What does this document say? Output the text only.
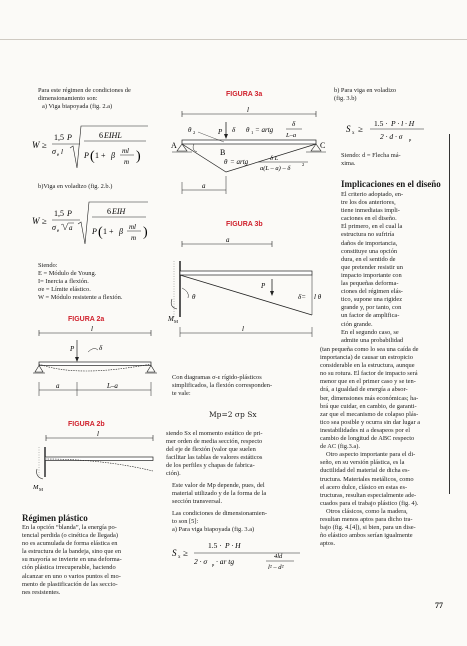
Para este régimen de condiciones de
dimensionamiento son:
a) Viga biapoyada (fig. 2.a)
W ≥
1,5 P
σ e l
6 EIHL
P ( 1 + β ml
m )
b)Viga en voladizo (fig. 2.b.)
W ≥
1,5 P
σ e a
6 EIH
P ( 1 + β ml
m )
Siendo:
E = Módulo de Young.
I= Inercia a flexión.
σe = Límite elástico.
W = Módulo resistente a flexión.
FIGURA 2a
l
P	δ
a	L–a
FIGURA 2b
l
M M
Régimen plástico
En la opción “blanda”, la energía po-
tencial perdida (o cinética de llegada)
no es acumulada de forma elástica en
la estructura de la bandeja, sino que en
su mayoría se invierte en una deforma-
ción plástica irrecuperable, haciendo
alcanzar en uno o varios puntos el mo-
mento de plastificación de las seccio-
nes resistentes.
FIGURA 3a
l
P δ
θ 2	θ 1 = artg
δ
L–a
A	C
B
θ = artg	δ L
a(L – a) – δ
2
a
FIGURA 3b
a
P
θ	δ= l θ
M M
l
Con diagramas σ-ε rígido-plásticos
simplificados, la flexión corresponden-
te vale:
Mp=2 σp Sx
siendo Sx el momento estático de pri-
mer orden de media sección, respecto
del eje de flexión (valor que suelen
facilitar las tablas de valores estáticos
de los perfiles y chapas de fabrica-
ción).
Este valor de Mp depende, pues, del
material utilizado y de la forma de la
sección transversal.
Las condiciones de dimensionamien-
to son [5]:
a) Para viga biapoyada (fig. 3.a)
S x ≥
1.5 · P · H
2 · σ p · ar tg
4ld
l² – d²
b) Para viga en voladizo
(fig. 3.b)
S x ≥
1.5 · P · l · H
2 · d · σ p
Siendo: d = Flecha má-
xima.
Implicaciones en el diseño
El criterio adoptado, en-
tre los dos anteriores,
tiene inmediatas impli-
caciones en el diseño.
El primero, en el cual la
estructura no sufriría
daños de importancia,
constituye una opción
dura, en el sentido de
que pretender resistir un
impacto importante con
las pequeñas deforma-
ciones del régimen elás-
tico, supone una rigidez
grande y, por tanto, con
un factor de amplifica-
ción grande.
En el segundo caso, se
admite una probabilidad
(tan pequeña como lo sea una caída de
importancia) de causar un estropicio
considerable en la estructura, aunque
no su rotura. El factor de impacto será
menor que en el primer caso y se ten-
drá, a igualdad de energía a absor-
ber, dimensiones más económicas; ha-
brá que cuidar, en cambio, de garanti-
zar que el mecanismo de colapso plás-
tico sea posible y ocurra sin dar lugar a
inestabilidades ni a desapeos por el
cambio de longitud de ABC respecto
de AC (fig.3.a).
Otro aspecto importante para el di-
seño, en su versión plástica, es la
ductilidad del material de dicha es-
tructura. Materiales metálicos, como
el acero dulce, clásico en estas es-
tructuras, resultan especialmente ade-
cuados para el trabajo plástico (fig. 4).
Otros clásicos, como la madera,
resultan menos aptos para dicho tra-
bajo (fig. 4.[4]), si bien, para un dise-
ño elástico ambos serían igualmente
aptos.
77
